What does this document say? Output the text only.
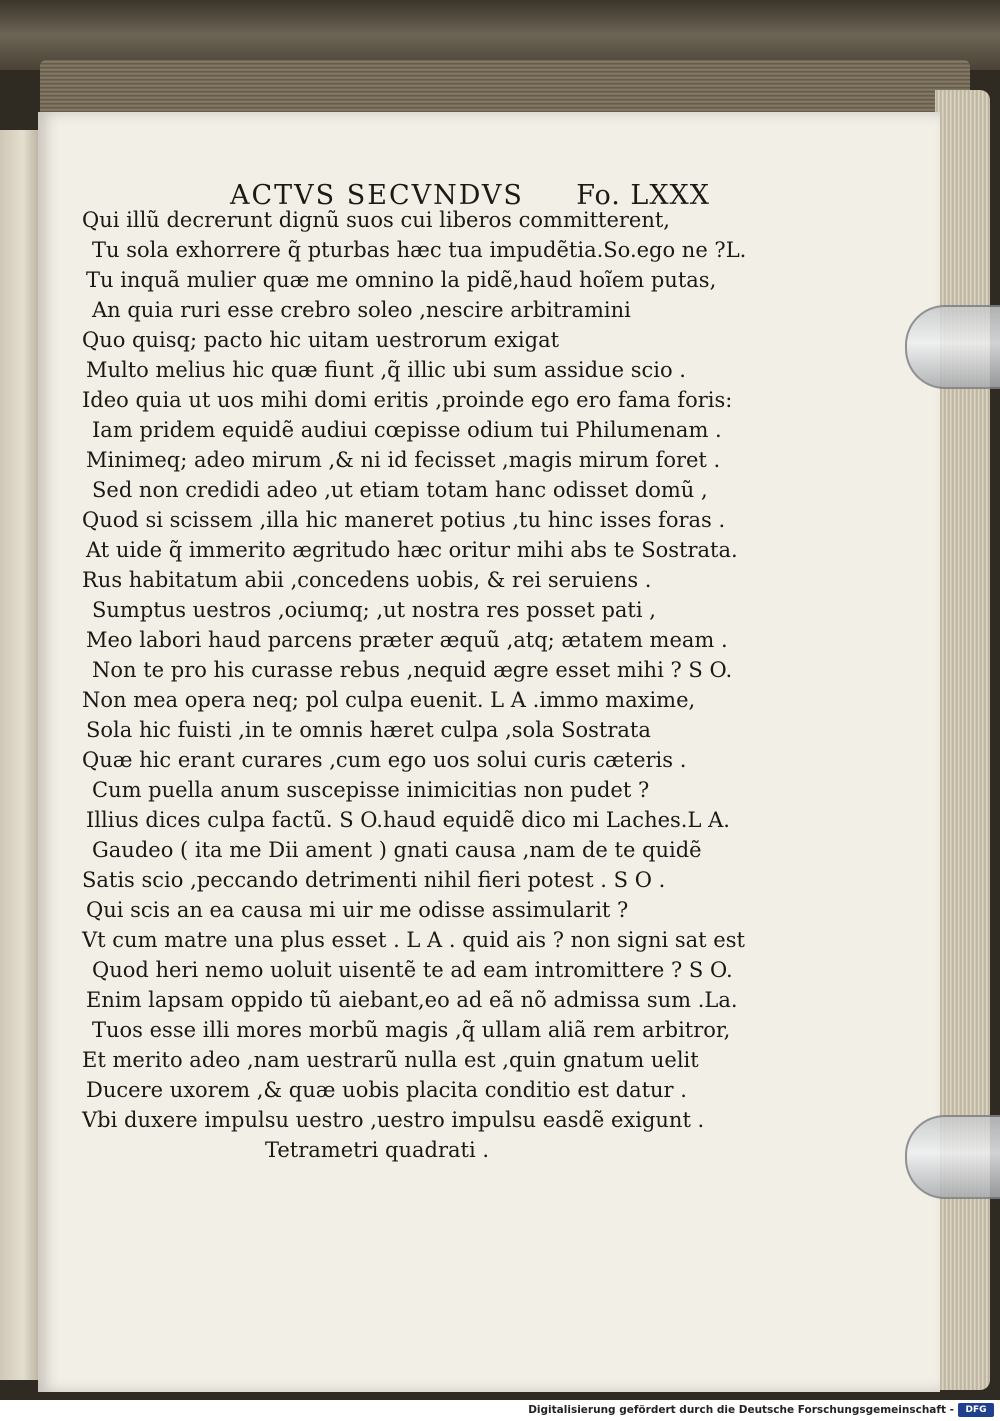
ACTVS SECVNDVS Fo. LXXX
Qui illũ decrerunt dignũ suos cui liberos committerent,
Tu sola exhorrere q̃ pturbas hæc tua impudẽtia.So.ego ne ?L.
Tu inquã mulier quæ me omnino la pidẽ,haud hoĩem putas,
An quia ruri esse crebro soleo ,nescire arbitramini
Quo quisq; pacto hic uitam uestrorum exigat
Multo melius hic quæ fiunt ,q̃ illic ubi sum assidue scio .
Ideo quia ut uos mihi domi eritis ,proinde ego ero fama foris:
Iam pridem equidẽ audiui cœpisse odium tui Philumenam .
Minimeq; adeo mirum ,& ni id fecisset ,magis mirum foret .
Sed non credidi adeo ,ut etiam totam hanc odisset domũ ,
Quod si scissem ,illa hic maneret potius ,tu hinc isses foras .
At uide q̃ immerito ægritudo hæc oritur mihi abs te Sostrata.
Rus habitatum abii ,concedens uobis, & rei seruiens .
Sumptus uestros ,ociumq; ,ut nostra res posset pati ,
Meo labori haud parcens præter æquũ ,atq; ætatem meam .
Non te pro his curasse rebus ,nequid ægre esset mihi ? S O.
Non mea opera neq; pol culpa euenit. L A .immo maxime,
Sola hic fuisti ,in te omnis hæret culpa ,sola Sostrata
Quæ hic erant curares ,cum ego uos solui curis cæteris .
Cum puella anum suscepisse inimicitias non pudet ?
Illius dices culpa factũ. S O.haud equidẽ dico mi Laches.L A.
Gaudeo ( ita me Dii ament ) gnati causa ,nam de te quidẽ
Satis scio ,peccando detrimenti nihil fieri potest . S O .
Qui scis an ea causa mi uir me odisse assimularit ?
Vt cum matre una plus esset . L A . quid ais ? non signi sat est
Quod heri nemo uoluit uisentẽ te ad eam intromittere ? S O.
Enim lapsam oppido tũ aiebant,eo ad eã nõ admissa sum .La.
Tuos esse illi mores morbũ magis ,q̃ ullam aliã rem arbitror,
Et merito adeo ,nam uestrarũ nulla est ,quin gnatum uelit
Ducere uxorem ,& quæ uobis placita conditio est datur .
Vbi duxere impulsu uestro ,uestro impulsu easdẽ exigunt .
Tetrametri quadrati .
Digitalisierung gefördert durch die Deutsche Forschungsgemeinschaft -	DFG
